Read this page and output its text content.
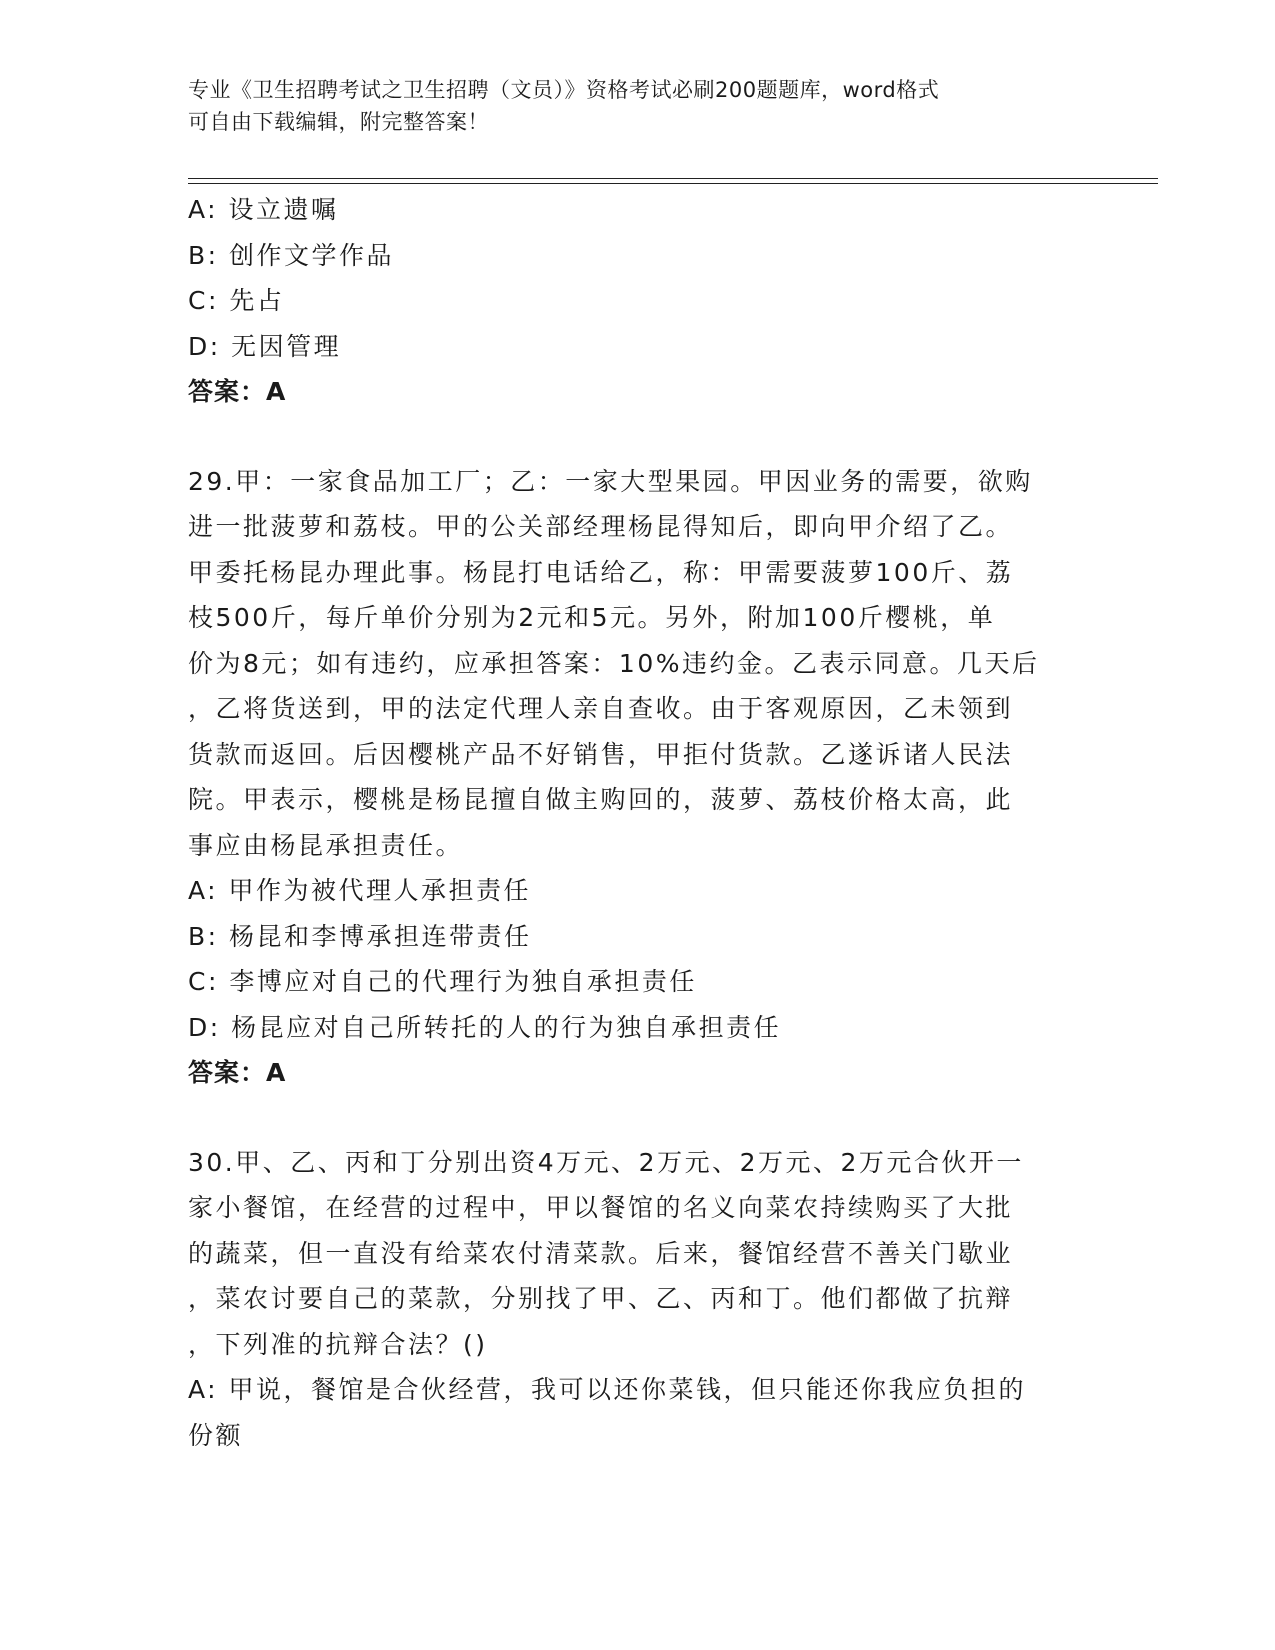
专业《卫生招聘考试之卫生招聘（文员）》资格考试必刷200题题库，word格式
可自由下载编辑，附完整答案！
A: 设立遗嘱
B: 创作文学作品
C: 先占
D: 无因管理
答案：A
29.甲：一家食品加工厂；乙：一家大型果园。甲因业务的需要，欲购
进一批菠萝和荔枝。甲的公关部经理杨昆得知后，即向甲介绍了乙。
甲委托杨昆办理此事。杨昆打电话给乙，称：甲需要菠萝100斤、荔
枝500斤，每斤单价分别为2元和5元。另外，附加100斤樱桃，单
价为8元；如有违约，应承担答案：10%违约金。乙表示同意。几天后
，乙将货送到，甲的法定代理人亲自查收。由于客观原因，乙未领到
货款而返回。后因樱桃产品不好销售，甲拒付货款。乙遂诉诸人民法
院。甲表示，樱桃是杨昆擅自做主购回的，菠萝、荔枝价格太高，此
事应由杨昆承担责任。
A: 甲作为被代理人承担责任
B: 杨昆和李博承担连带责任
C: 李博应对自己的代理行为独自承担责任
D: 杨昆应对自己所转托的人的行为独自承担责任
答案：A
30.甲、乙、丙和丁分别出资4万元、2万元、2万元、2万元合伙开一
家小餐馆，在经营的过程中，甲以餐馆的名义向菜农持续购买了大批
的蔬菜，但一直没有给菜农付清菜款。后来，餐馆经营不善关门歇业
，菜农讨要自己的菜款，分别找了甲、乙、丙和丁。他们都做了抗辩
，下列准的抗辩合法？()
A: 甲说，餐馆是合伙经营，我可以还你菜钱，但只能还你我应负担的
份额
